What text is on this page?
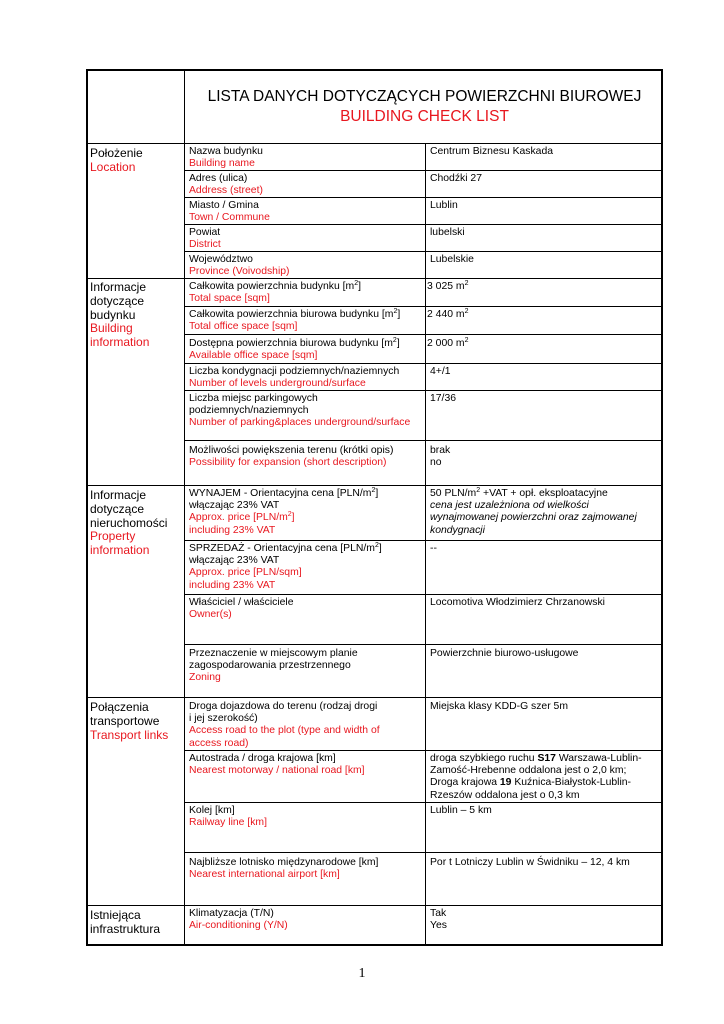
LISTA DANYCH DOTYCZĄCYCH POWIERZCHNI BIUROWEJ
BUILDING CHECK LIST
Położenie
Location
Nazwa budynku
Building name
Centrum Biznesu Kaskada
Adres (ulica)
Address (street)
Chodźki 27
Miasto / Gmina
Town / Commune
Lublin
Powiat
District
lubelski
Województwo
Province (Voivodship)
Lubelskie
Informacje
dotyczące
budynku
Building
information
Całkowita powierzchnia budynku $[m^2]$
Total space [sqm]
3 025 $m^2$
Całkowita powierzchnia biurowa budynku $[m^2]$
Total office space [sqm]
2 440 $m^2$
Dostępna powierzchnia biurowa budynku $[m^2]$
Available office space [sqm]
2 000 $m^2$
Liczba kondygnacji podziemnych/naziemnych
Number of levels underground/surface
4+/1
Liczba miejsc parkingowych
podziemnych/naziemnych
Number of parking&places underground/surface
17/36
Możliwości powiększenia terenu (krótki opis)
Possibility for expansion (short description)
brak
no
Informacje
dotyczące
nieruchomości
Property
information
WYNAJEM - Orientacyjna cena $[PLN/m^2]$
włączając 23% VAT
Approx. price $[PLN/m^2]$
including 23% VAT
50 PLN/$m^2 +VAT$ + opł. eksploatacyjne
cena jest uzależniona od wielkości
wynajmowanej powierzchni oraz zajmowanej
kondygnacji
SPRZEDAŻ - Orientacyjna cena $[PLN/m^2]$
włączając 23% VAT
Approx. price [PLN/sqm]
including 23% VAT
--
Właściciel / właściciele
Owner(s)
Locomotiva Włodzimierz Chrzanowski
Przeznaczenie w miejscowym planie
zagospodarowania przestrzennego
Zoning
Powierzchnie biurowo-usługowe
Połączenia
transportowe
Transport links
Droga dojazdowa do terenu (rodzaj drogi
i jej szerokość)
Access road to the plot (type and width of
access road)
Miejska klasy KDD-G szer 5m
Autostrada / droga krajowa [km]
Nearest motorway / national road [km]
droga szybkiego ruchu S17 Warszawa-Lublin-
Zamość-Hrebenne oddalona jest o 2,0 km;
Droga krajowa 19 Kuźnica-Białystok-Lublin-
Rzeszów oddalona jest o 0,3 km
Kolej [km]
Railway line [km]
Lublin – 5 km
Najbliższe lotnisko międzynarodowe [km]
Nearest international airport [km]
Por t Lotniczy Lublin w Świdniku – 12, 4 km
Istniejąca
infrastruktura
Klimatyzacja (T/N)
Air-conditioning (Y/N)
Tak
Yes
1
